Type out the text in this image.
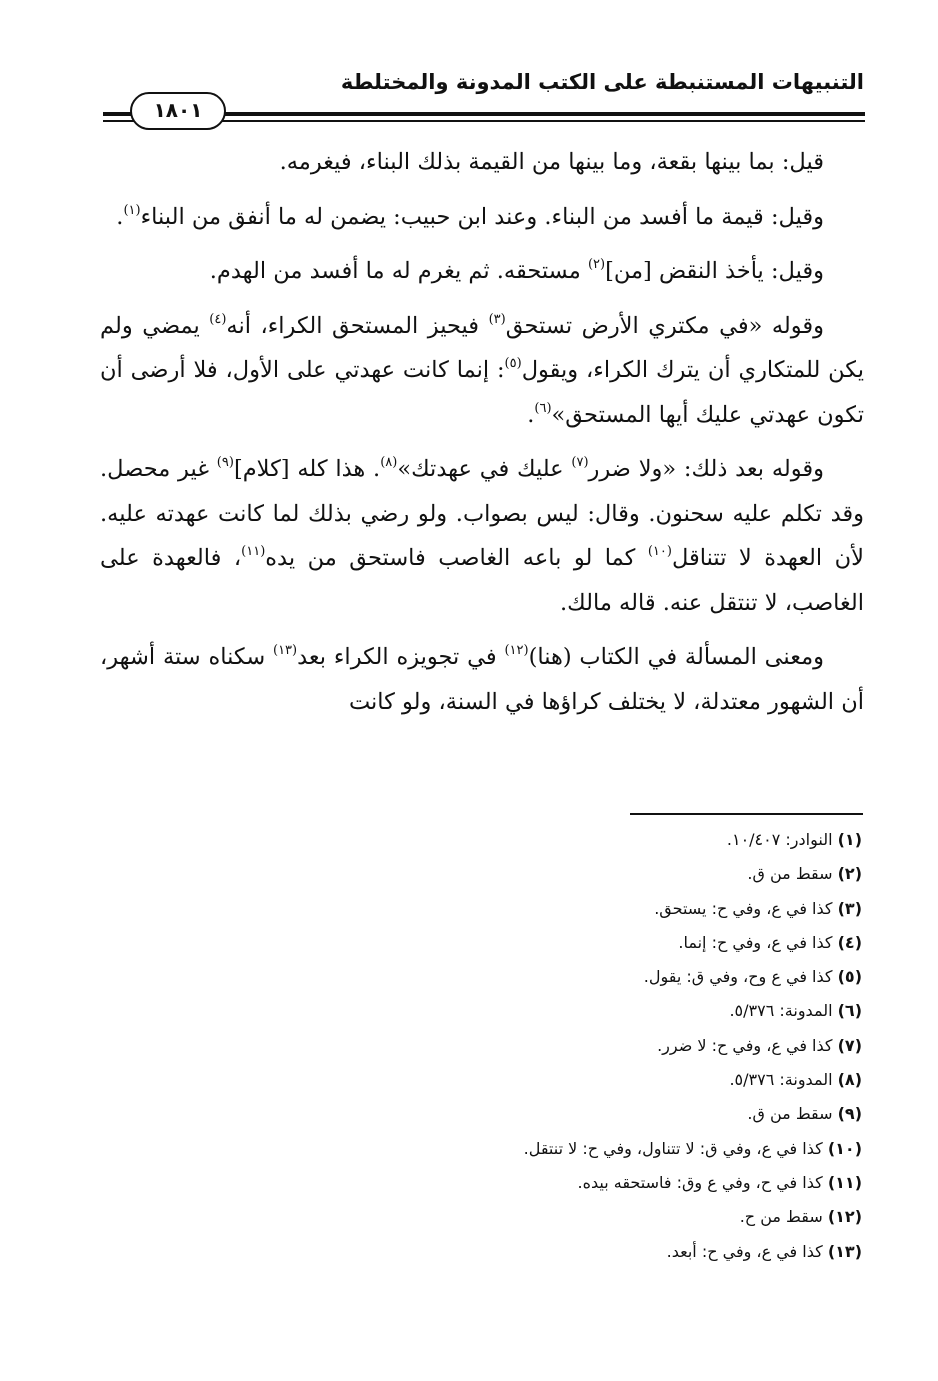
التنبيهات المستنبطة على الكتب المدونة والمختلطة
١٨٠١

قيل: بما بينها بقعة، وما بينها من القيمة بذلك البناء، فيغرمه.

وقيل: قيمة ما أفسد من البناء. وعند ابن حبيب: يضمن له ما أنفق من البناء$^{(١)}$.

وقيل: يأخذ النقض [من]$^{(٢)}$ مستحقه. ثم يغرم له ما أفسد من الهدم.

وقوله «في مكتري الأرض تستحق$^{(٣)}$ فيحيز المستحق الكراء، أنه$^{(٤)}$ يمضي ولم يكن للمتكاري أن يترك الكراء، ويقول$^{(٥)}$: إنما كانت عهدتي على الأول، فلا أرضى أن تكون عهدتي عليك أيها المستحق»$^{(٦)}$.

وقوله بعد ذلك: «ولا ضرر$^{(٧)}$ عليك في عهدتك»$^{(٨)}$. هذا كله [كلام]$^{(٩)}$ غير محصل. وقد تكلم عليه سحنون. وقال: ليس بصواب. ولو رضي بذلك لما كانت عهدته عليه. لأن العهدة لا تتناقل$^{(١٠)}$ كما لو باعه الغاصب فاستحق من يده$^{(١١)}$، فالعهدة على الغاصب، لا تنتقل عنه. قاله مالك.

ومعنى المسألة في الكتاب (هنا)$^{(١٢)}$ في تجويزه الكراء بعد$^{(١٣)}$ سكناه ستة أشهر، أن الشهور معتدلة، لا يختلف كراؤها في السنة، ولو كانت

(١) النوادر: ١٠/٤٠٧.
(٢) سقط من ق.
(٣) كذا في ع، وفي ح: يستحق.
(٤) كذا في ع، وفي ح: إنما.
(٥) كذا في ع وح، وفي ق: يقول.
(٦) المدونة: ٥/٣٧٦.
(٧) كذا في ع، وفي ح: لا ضرر.
(٨) المدونة: ٥/٣٧٦.
(٩) سقط من ق.
(١٠) كذا في ع، وفي ق: لا تتناول، وفي ح: لا تنتقل.
(١١) كذا في ح، وفي ع وق: فاستحقه بيده.
(١٢) سقط من ح.
(١٣) كذا في ع، وفي ح: أبعد.
